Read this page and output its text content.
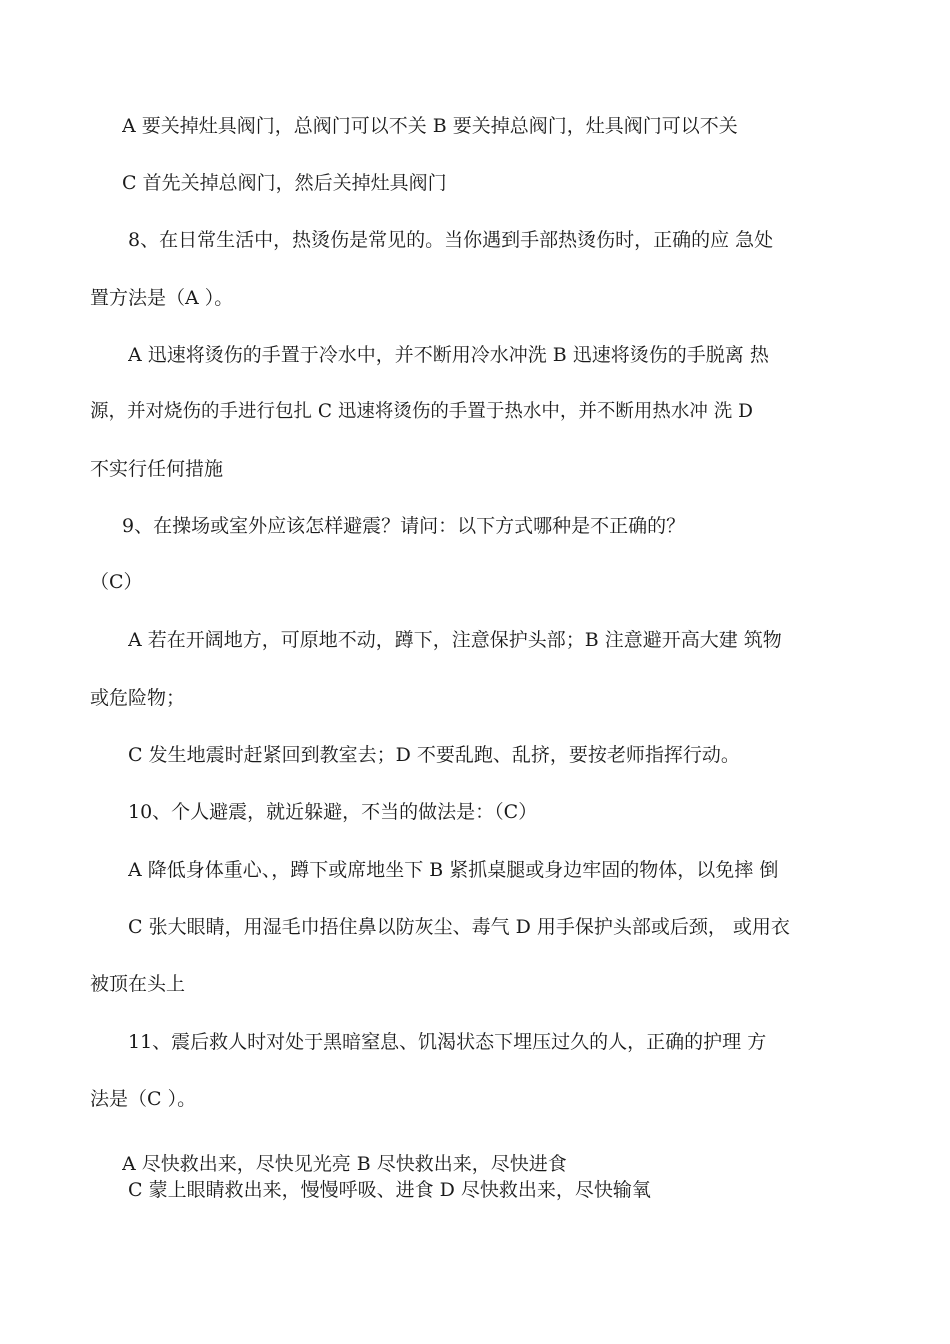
A 要关掉灶具阀门，总阀门可以不关 B 要关掉总阀门，灶具阀门可以不关
C 首先关掉总阀门，然后关掉灶具阀门
8、在日常生活中，热烫伤是常见的。当你遇到手部热烫伤时，正确的应 急处
置方法是（A ）。
A 迅速将烫伤的手置于冷水中，并不断用冷水冲洗 B 迅速将烫伤的手脱离 热
源，并对烧伤的手进行包扎 C 迅速将烫伤的手置于热水中，并不断用热水冲 洗 D
不实行任何措施
9、在操场或室外应该怎样避震？请问：以下方式哪种是不正确的？
（C）
A 若在开阔地方，可原地不动，蹲下，注意保护头部；B 注意避开高大建 筑物
或危险物；
C 发生地震时赶紧回到教室去；D 不要乱跑、乱挤，要按老师指挥行动。
10、个人避震，就近躲避，不当的做法是：（C）
A 降低身体重心、，蹲下或席地坐下 B 紧抓桌腿或身边牢固的物体，以免摔 倒
C 张大眼睛，用湿毛巾捂住鼻以防灰尘、毒气 D 用手保护头部或后颈， 或用衣
被顶在头上
11、震后救人时对处于黑暗窒息、饥渴状态下埋压过久的人，正确的护理 方
法是（C ）。
A 尽快救出来，尽快见光亮 B 尽快救出来，尽快进食
C 蒙上眼睛救出来，慢慢呼吸、进食 D 尽快救出来，尽快输氧
